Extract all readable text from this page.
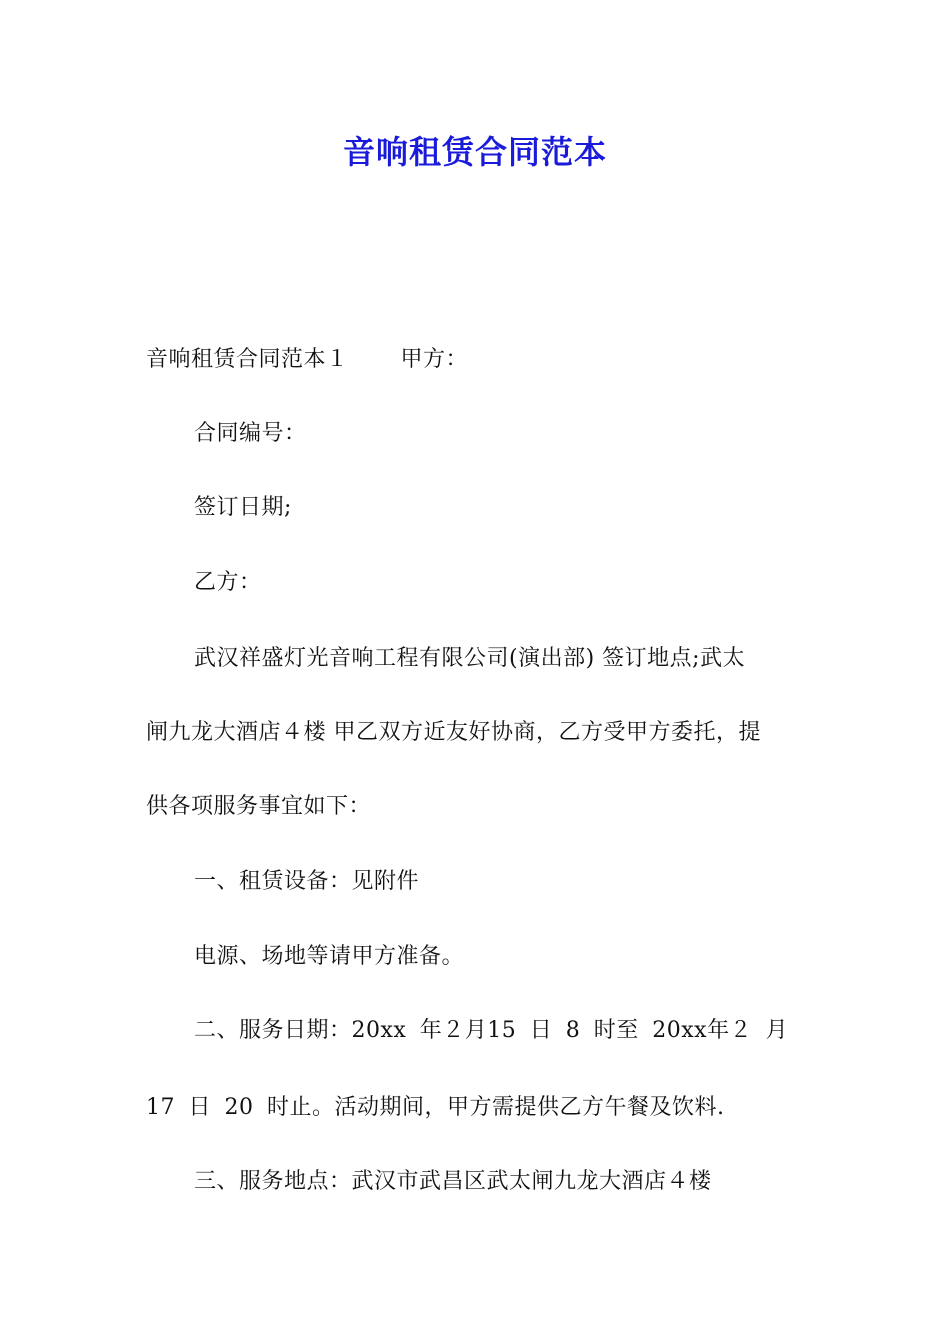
音响租赁合同范本
音响租赁合同范本１ 甲方：
合同编号：
签订日期;
乙方：
武汉祥盛灯光音响工程有限公司(演出部) 签订地点;武太
闸九龙大酒店４楼 甲乙双方近友好协商，乙方受甲方委托，提
供各项服务事宜如下：
一、租赁设备：见附件
电源、场地等请甲方准备。
二、服务日期：20xx 年２月15 日 8 时至 20xx年２ 月
17 日 20 时止。活动期间，甲方需提供乙方午餐及饮料.
三、服务地点：武汉市武昌区武太闸九龙大酒店４楼
